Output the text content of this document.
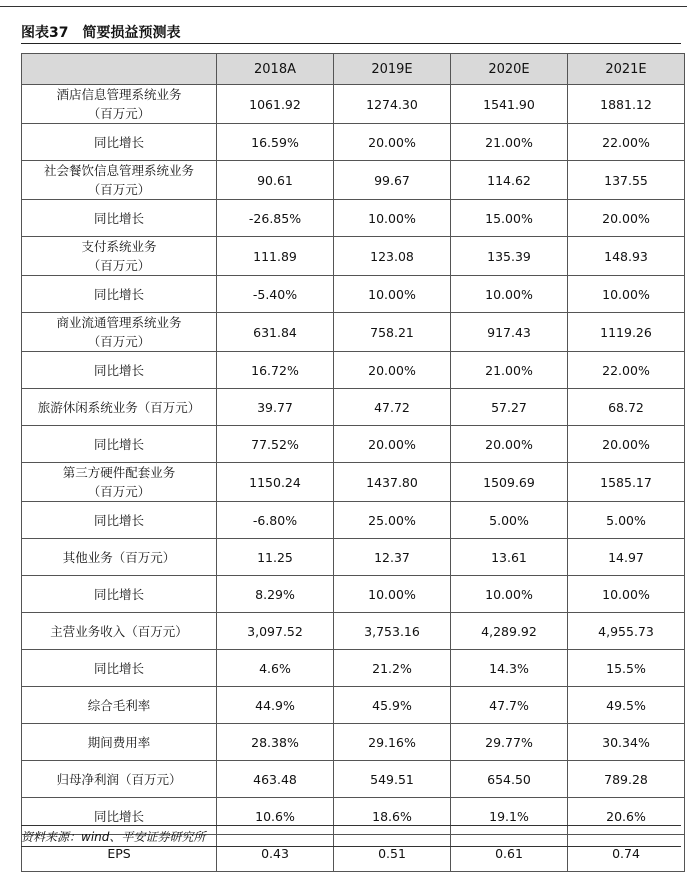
图表37 简要损益预测表
	2018A	2019E	2020E	2021E

酒店信息管理系统业务
（百万元）	1061.92	1274.30	1541.90	1881.12

同比增长	16.59%	20.00%	21.00%	22.00%

社会餐饮信息管理系统业务
（百万元）	90.61	99.67	114.62	137.55

同比增长	-26.85%	10.00%	15.00%	20.00%

支付系统业务
（百万元）	111.89	123.08	135.39	148.93

同比增长	-5.40%	10.00%	10.00%	10.00%

商业流通管理系统业务
（百万元）	631.84	758.21	917.43	1119.26

同比增长	16.72%	20.00%	21.00%	22.00%

旅游休闲系统业务（百万元）	39.77	47.72	57.27	68.72

同比增长	77.52%	20.00%	20.00%	20.00%

第三方硬件配套业务
（百万元）	1150.24	1437.80	1509.69	1585.17

同比增长	-6.80%	25.00%	5.00%	5.00%

其他业务（百万元）	11.25	12.37	13.61	14.97

同比增长	8.29%	10.00%	10.00%	10.00%

主营业务收入（百万元）	3,097.52	3,753.16	4,289.92	4,955.73

同比增长	4.6%	21.2%	14.3%	15.5%

综合毛利率	44.9%	45.9%	47.7%	49.5%

期间费用率	28.38%	29.16%	29.77%	30.34%

归母净利润（百万元）	463.48	549.51	654.50	789.28

同比增长	10.6%	18.6%	19.1%	20.6%

EPS	0.43	0.51	0.61	0.74
资料来源：wind、平安证券研究所
